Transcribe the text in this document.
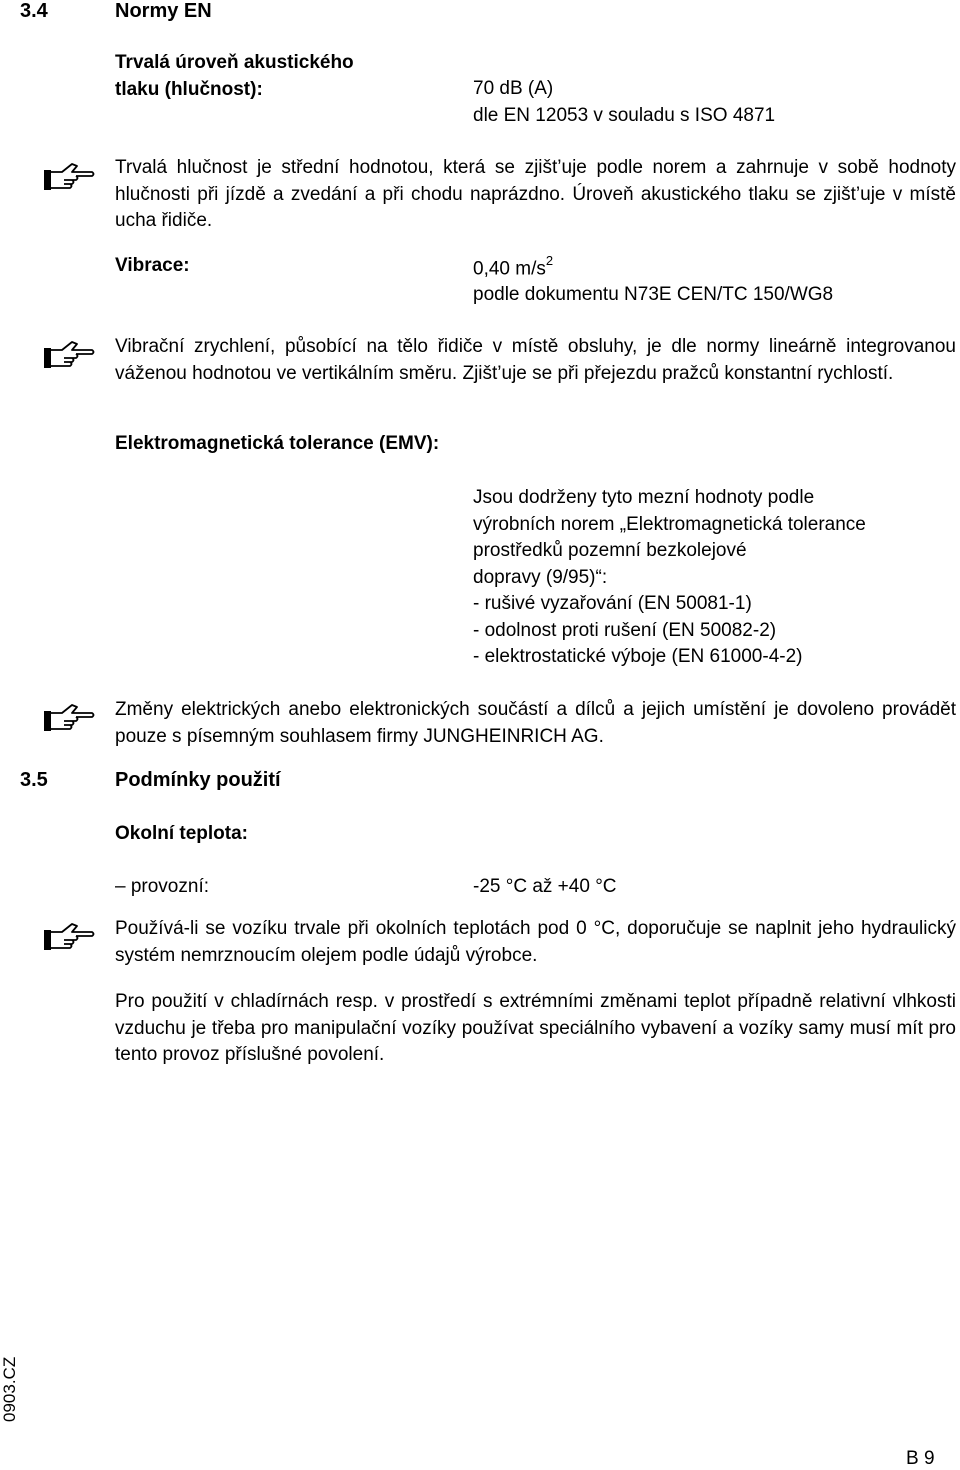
3.4	Normy EN
Trvalá úroveň akustického
tlaku (hlučnost):	70 dB (A)
dle EN 12053 v souladu s ISO 4871
Trvalá hlučnost je střední hodnotou, která se zjišt’uje podle norem a zahrnuje v sobě hodnoty hlučnosti při jízdě a zvedání a při chodu naprázdno. Úroveň akustického tlaku se zjišt’uje v místě ucha řidiče.
Vibrace:	0,40 $m/s^2$
podle dokumentu N73E CEN/TC 150/WG8
Vibrační zrychlení, působící na tělo řidiče v místě obsluhy, je dle normy lineárně integrovanou váženou hodnotou ve vertikálním směru. Zjišt’uje se při přejezdu pražců konstantní rychlostí.
Elektromagnetická tolerance (EMV):
Jsou dodrženy tyto mezní hodnoty podle
výrobních norem „Elektromagnetická tolerance
prostředků pozemní bezkolejové
dopravy (9/95)“:
- rušivé vyzařování (EN 50081-1)
- odolnost proti rušení (EN 50082-2)
- elektrostatické výboje (EN 61000-4-2)
Změny elektrických anebo elektronických součástí a dílců a jejich umístění je dovoleno provádět pouze s písemným souhlasem firmy JUNGHEINRICH AG.
3.5	Podmínky použití
Okolní teplota:
– provozní:	-25 °C až +40 °C
Používá-li se vozíku trvale při okolních teplotách pod 0 °C, doporučuje se naplnit jeho hydraulický systém nemrznoucím olejem podle údajů výrobce.
Pro použití v chladírnách resp. v prostředí s extrémními změnami teplot případně relativní vlhkosti vzduchu je třeba pro manipulační vozíky používat speciálního vybavení a vozíky samy musí mít pro tento provoz příslušné povolení.
0903.CZ
B 9
